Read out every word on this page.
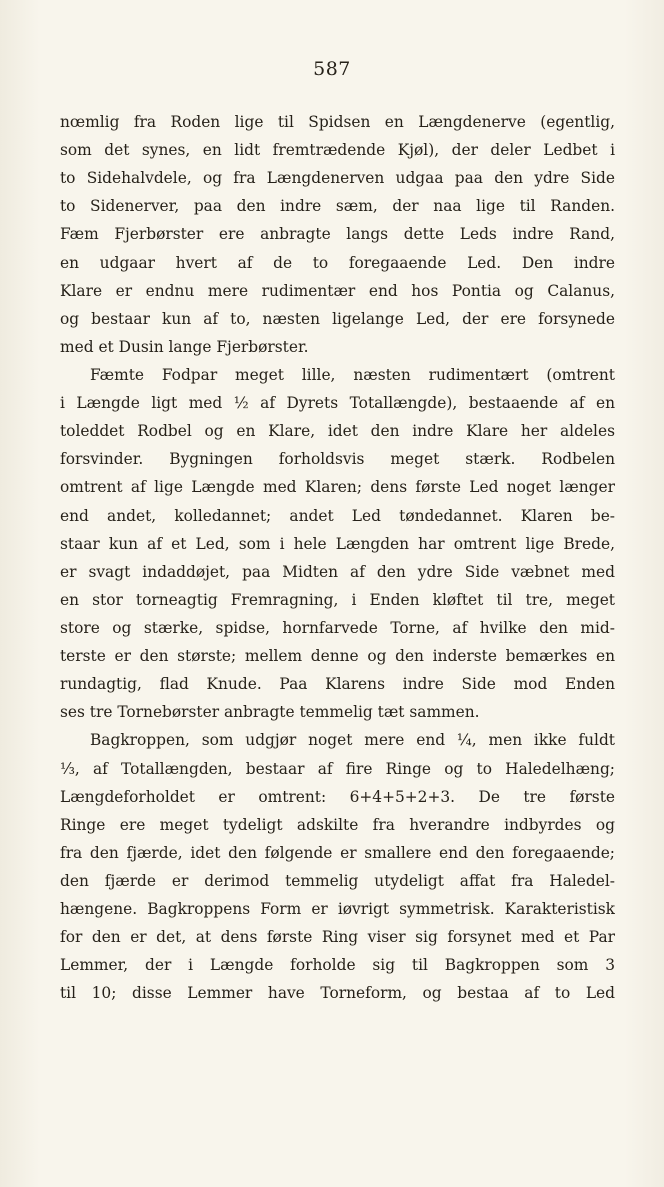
587
nœmlig fra Roden lige til Spidsen en Længdenerve (egentlig,
som det synes, en lidt fremtrædende Kjøl), der deler Ledbet i
to Sidehalvdele, og fra Længdenerven udgaa paa den ydre Side
to Sidenerver, paa den indre sæm, der naa lige til Randen.
Fæm Fjerbørster ere anbragte langs dette Leds indre Rand,
en udgaar hvert af de to foregaaende Led. Den indre
Klare er endnu mere rudimentær end hos Pontia og Calanus,
og bestaar kun af to, næsten ligelange Led, der ere forsynede
med et Dusin lange Fjerbørster.
Fæmte Fodpar meget lille, næsten rudimentært (omtrent
i Længde ligt med ½ af Dyrets Totallængde), bestaaende af en
toleddet Rodbel og en Klare, idet den indre Klare her aldeles
forsvinder. Bygningen forholdsvis meget stærk. Rodbelen
omtrent af lige Længde med Klaren; dens første Led noget længer
end andet, kolledannet; andet Led tøndedannet. Klaren be-
staar kun af et Led, som i hele Længden har omtrent lige Brede,
er svagt indaddøjet, paa Midten af den ydre Side væbnet med
en stor torneagtig Fremragning, i Enden kløftet til tre, meget
store og stærke, spidse, hornfarvede Torne, af hvilke den mid-
terste er den største; mellem denne og den inderste bemærkes en
rundagtig, flad Knude. Paa Klarens indre Side mod Enden
ses tre Tornebørster anbragte temmelig tæt sammen.
Bagkroppen, som udgjør noget mere end ¼, men ikke fuldt
⅓, af Totallængden, bestaar af fire Ringe og to Haledelhæng;
Længdeforholdet er omtrent: 6+4+5+2+3. De tre første
Ringe ere meget tydeligt adskilte fra hverandre indbyrdes og
fra den fjærde, idet den følgende er smallere end den foregaaende;
den fjærde er derimod temmelig utydeligt affat fra Haledel-
hængene. Bagkroppens Form er iøvrigt symmetrisk. Karakteristisk
for den er det, at dens første Ring viser sig forsynet med et Par
Lemmer, der i Længde forholde sig til Bagkroppen som 3
til 10; disse Lemmer have Torneform, og bestaa af to Led
